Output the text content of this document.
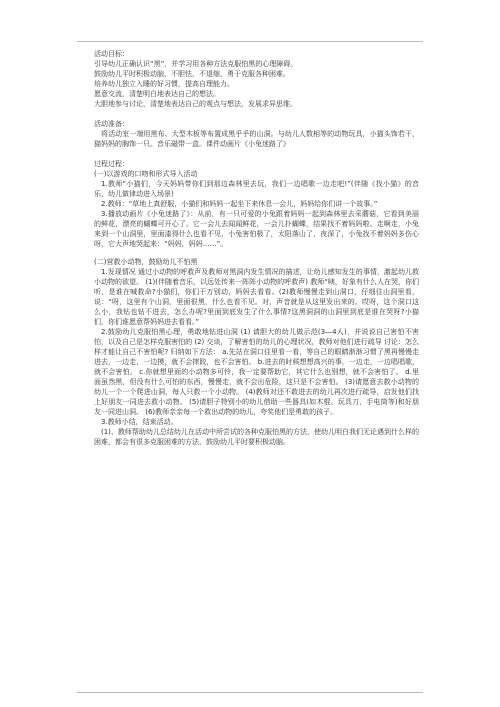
活动目标：

引导幼儿正确认识“黑”，并学习用各种方法克服怕黑的心理障碍。

鼓励幼儿平时积极动脑，不胆怯，不退缩，勇于克服各种困难。

培养幼儿独立入睡的好习惯，提高自理能力。

愿意交流，清楚明白地表达自己的想法。

大胆地参与讨论，清楚地表达自己的观点与想法，发展求异思维。

活动准备：

将活动室一端用黑布、大型木板等布置成黑乎乎的山洞。与幼儿人数相等的动物玩具，小猫头饰若干，猫妈妈的胸饰一只。音乐磁带一盒。课件动画片《小兔迷路了》

过程过程：

(一)以游戏的口吻和形式导入活动

1.教师“小猫们，今天妈妈带你们到那边森林里去玩，我们一边唱歌一边走吧!”(伴随《找小猫》的音乐，幼儿做律动进入场景)

2.教师：“草地上真舒服，小猫们和妈妈一起坐下来休息一会儿，妈妈给你们讲一个故事。”

3.播放动画片《小兔迷路了》：从前，有一只可爱的小兔跟着妈妈一起到森林里去采蘑菇，它看到美丽的鲜花，漂亮的蝴蝶可开心了。它一会儿去闻闻鲜花，一会儿扑蝴蝶，结果找不着妈妈啦。走啊走，小兔来到一个山洞里，里面漆得什么也看不见，小兔害怕极了，太阳落山了，夜深了，小兔找不着妈妈多伤心呀，它大声地哭起来：“妈妈，妈妈……”。

(二)营救小动物，鼓励幼儿不怕黑

1.发现情况 通过小动物的呼救声及教师对黑洞内发生情况的描述，让幼儿感知发生的事情，激起幼儿救小动物的欲望。 (1)(伴随着音乐，以远处传来一阵阵小动物的呼救声) 教师“咦，好象有什么人在哭，你们听，是谁在喊救命?小猫们，你们干万别动，妈妈去看看。(2)教师慢慢走到山洞口，仔细往山洞里看，说：“呀，这里有个山洞，里面很黑，什么也看不见。对，声音就是从这里发出来的。哎呀，这个洞口这么小，我钻也钻不进去，怎么办呢?里面到底发生了什么事情?这黑洞洞的山洞里到底是谁在哭呀?小猫们，你们谁愿意帮妈妈进去看看。”

2.鼓励幼儿克服怕黑心理，勇敢地钻进山洞 (1) 请胆大的幼儿做示范(3—4人)，并说说自己害怕不害怕，以及自己是怎样克服害怕的 (2) 交谈，了解害怕的幼儿的心理状况，教师对他们进行疏导 讨论：怎么样才能让自己不害怕呢? 归纳如下方法： a.先站在洞口往里看一看，等自己的眼睛渐渐习惯了黑再慢慢走进去，一边走，一边摸，就不会摔跤，也不会害怕。 b.进去的时候想想高兴的事，一边走，一边唱唱歌，就不会害怕。 c.你就想里面的小动物多可怜，我一定要帮助它，其它什么也别想，就不会害怕了。 d.里面虽然黑，但没有什么可怕的东西，慢慢走，就不会出危险，这只是不会害怕。 (3)请愿意去救小动物的幼儿一个一个爬进山洞，每人只救一个小动物。 (4)教师对还不敢进去的幼儿再次进行疏导，启发他们找上好朋友一同进去救小动物。 (5)请胆子特别小的幼儿借助一些器具(如木棍、玩具刀，手电筒等)和好朋友一同进山洞。 (6)教师亲亲每一个救出动物的幼儿，夸奖他们是勇敢的孩子。

3.教师小结，结束活动。

(1)、教师帮助幼儿总结幼儿在活动中所尝试的各种克服怕黑的方法，使幼儿明白我们无论遇到什么样的困难，都会有很多克服困难的方法，鼓励幼儿平时要积极动脑。
